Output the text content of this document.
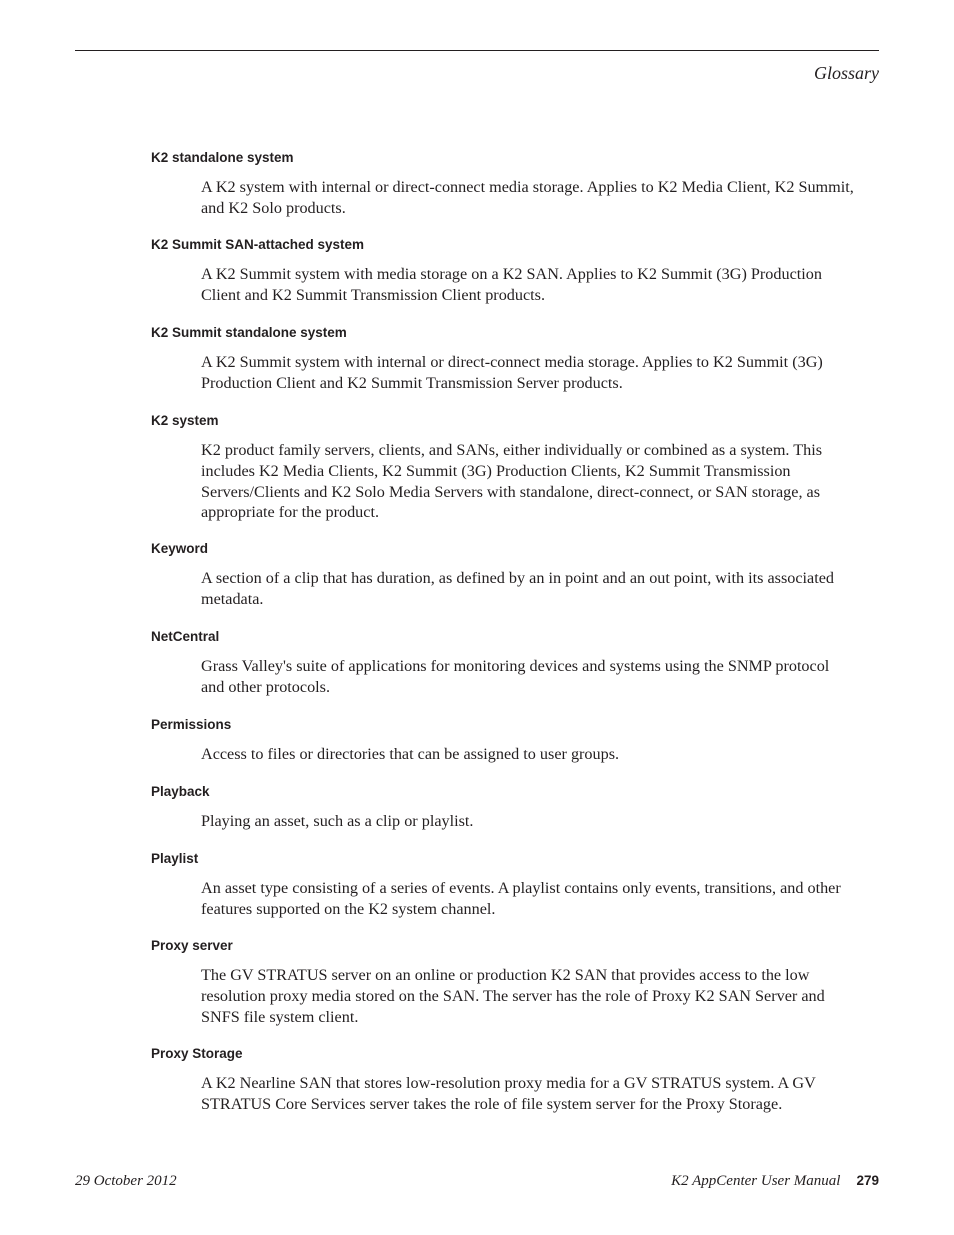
Glossary
K2 standalone system
A K2 system with internal or direct-connect media storage. Applies to K2 Media Client, K2 Summit,
and K2 Solo products.
K2 Summit SAN-attached system
A K2 Summit system with media storage on a K2 SAN. Applies to K2 Summit (3G) Production
Client and K2 Summit Transmission Client products.
K2 Summit standalone system
A K2 Summit system with internal or direct-connect media storage. Applies to K2 Summit (3G)
Production Client and K2 Summit Transmission Server products.
K2 system
K2 product family servers, clients, and SANs, either individually or combined as a system. This
includes K2 Media Clients, K2 Summit (3G) Production Clients, K2 Summit Transmission
Servers/Clients and K2 Solo Media Servers with standalone, direct-connect, or SAN storage, as
appropriate for the product.
Keyword
A section of a clip that has duration, as defined by an in point and an out point, with its associated
metadata.
NetCentral
Grass Valley's suite of applications for monitoring devices and systems using the SNMP protocol
and other protocols.
Permissions
Access to files or directories that can be assigned to user groups.
Playback
Playing an asset, such as a clip or playlist.
Playlist
An asset type consisting of a series of events. A playlist contains only events, transitions, and other
features supported on the K2 system channel.
Proxy server
The GV STRATUS server on an online or production K2 SAN that provides access to the low
resolution proxy media stored on the SAN. The server has the role of Proxy K2 SAN Server and
SNFS file system client.
Proxy Storage
A K2 Nearline SAN that stores low-resolution proxy media for a GV STRATUS system. A GV
STRATUS Core Services server takes the role of file system server for the Proxy Storage.
29 October 2012	K2 AppCenter User Manual 279
